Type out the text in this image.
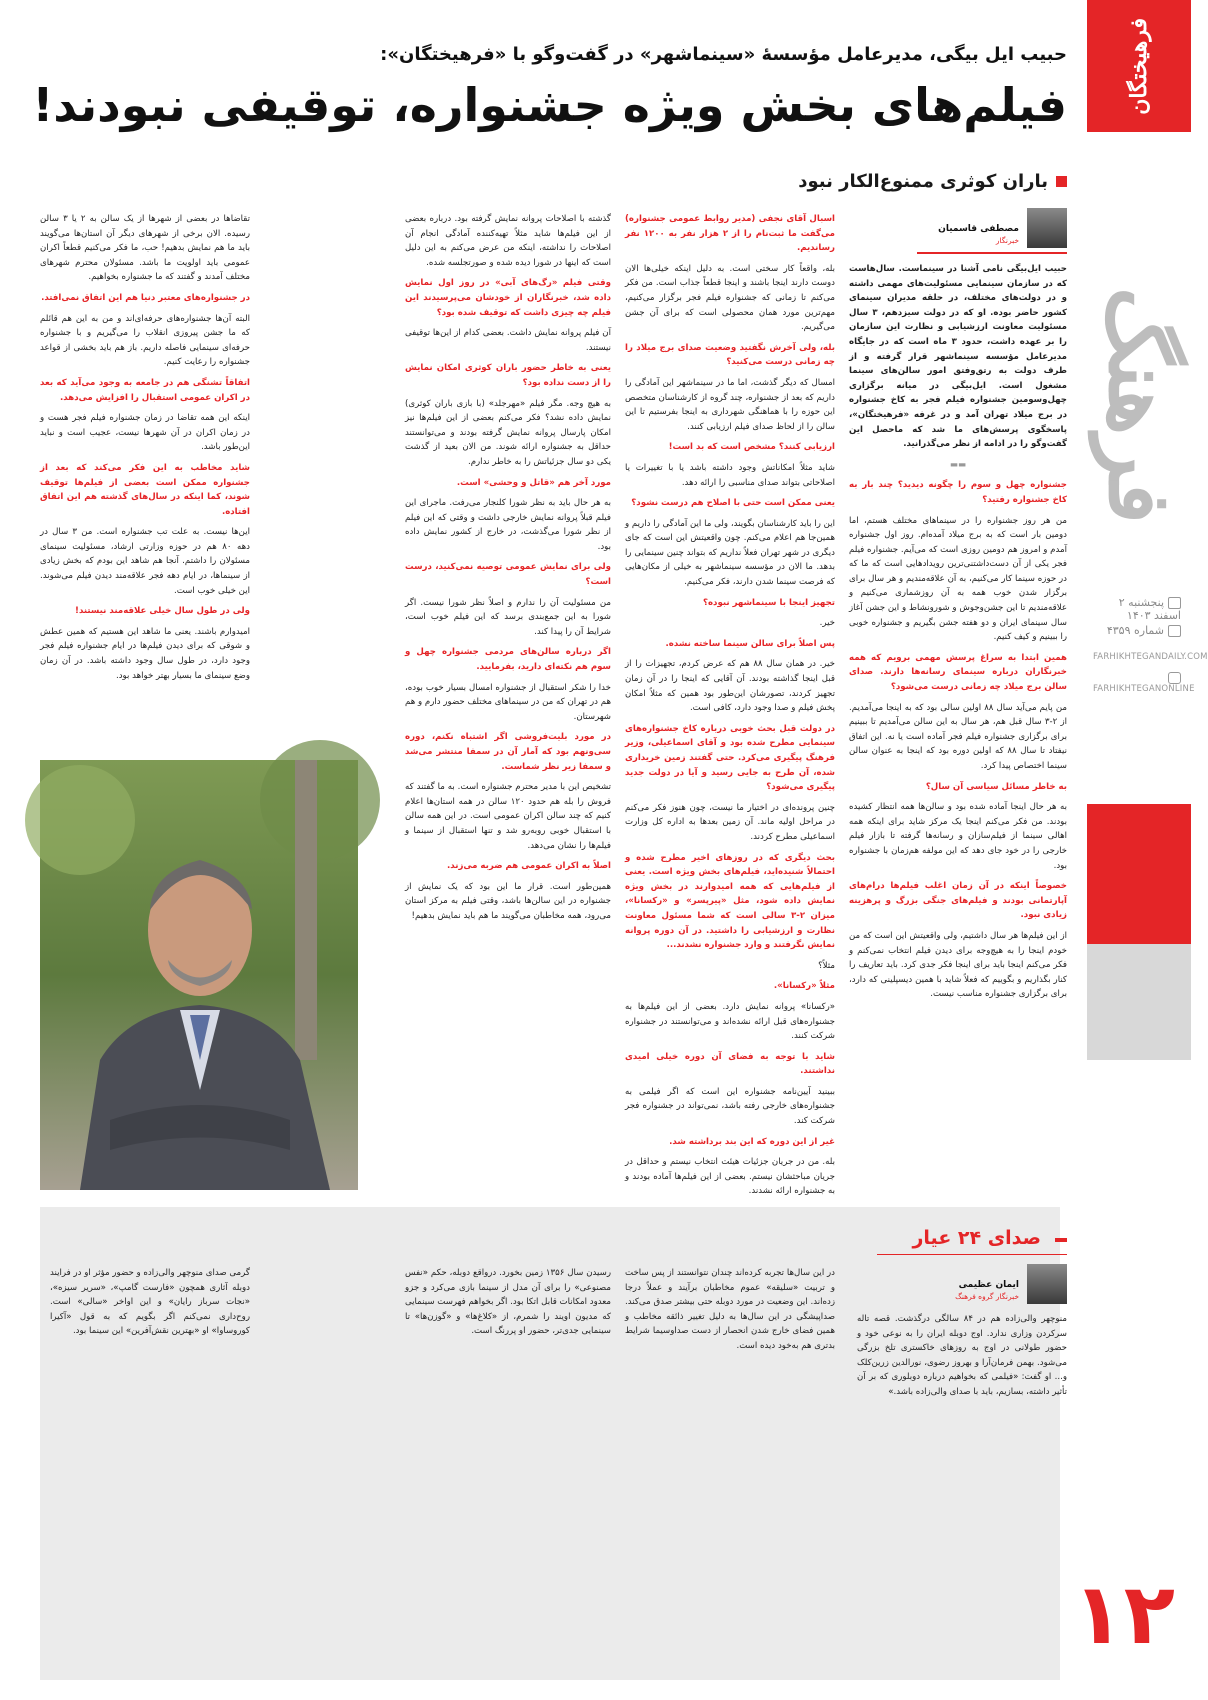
فرهیختگان
فرهنگ
پنجشنبه ۲ اسفند ۱۴۰۳
شماره ۴۳۵۹
FARHIKHTEGANDAILY.COM
FARHIKHTEGANONLINE
۱۲
حبیب ایل بیگی، مدیرعامل مؤسسهٔ «سینماشهر» در گفت‌وگو با «فرهیختگان»:
فیلم‌های بخش ویژه جشنواره، توقیفی نبودند!
باران کوثری ممنوع‌الکار نبود
مصطفی قاسمیان
خبرنگار

حبیب ایل‌بیگی نامی آشنا در سینماست. سال‌هاست که در سازمان سینمایی مسئولیت‌های مهمی داشته و در دولت‌های مختلف، در حلقه مدیران سینمای کشور حاضر بوده. او که در دولت سیزدهم، ۳ سال مسئولیت معاونت ارزشیابی و نظارت این سازمان را بر عهده داشت، حدود ۳ ماه است که در جایگاه مدیرعامل مؤسسه سینماشهر قرار گرفته و از طرف دولت به رتق‌وفتق امور سالن‌های سینما مشغول است. ایل‌بیگی در میانه برگزاری چهل‌وسومین جشنواره فیلم فجر به کاخ جشنواره در برج میلاد تهران آمد و در غرفه «فرهیختگان»، پاسخگوی پرسش‌های ما شد که ماحصل این گفت‌وگو را در ادامه از نظر می‌گذرانید.

▬▬

جشنواره چهل و سوم را چگونه دیدید؟ چند بار به کاخ جشنواره رفتید؟

من هر روز جشنواره را در سینماهای مختلف هستم، اما دومین بار است که به برج میلاد آمده‌ام. روز اول جشنواره آمدم و امروز هم دومین روزی است که می‌آیم. جشنواره فیلم فجر یکی از آن دست‌داشتنی‌ترین رویدادهایی است که ما که در حوزه سینما کار می‌کنیم، به آن علاقه‌مندیم و هر سال برای برگزار شدن خوب همه به آن روزشماری می‌کنیم و علاقه‌مندیم تا این جشن‌وجوش و شورونشاط و این جشن آغاز سال سینمای ایران و دو هفته جشن بگیریم و جشنواره خوبی را ببینیم و کیف کنیم.

همین ابتدا به سراغ پرسش مهمی برویم که همه خبرنگاران درباره سینمای رسانه‌ها دارند. صدای سالن برج میلاد چه زمانی درست می‌شود؟

من پایم می‌آید سال ۸۸ اولین سالی بود که به اینجا می‌آمدیم. از ۲-۳ سال قبل هم، هر سال به این سالن می‌آمدیم تا ببینیم برای برگزاری جشنواره فیلم فجر آماده است یا نه. این اتفاق نیفتاد تا سال ۸۸ که اولین دوره بود که اینجا به عنوان سالن سینما اختصاص پیدا کرد.

به خاطر مسائل سیاسی آن سال؟

به هر حال اینجا آماده شده بود و سالن‌ها همه انتظار کشیده بودند. من فکر می‌کنم اینجا یک مرکز شاید برای اینکه همه اهالی سینما از فیلم‌سازان و رسانه‌ها گرفته تا بازار فیلم خارجی را در خود جای دهد که این مولفه هم‌زمان با جشنواره بود.

خصوصاً اینکه در آن زمان اغلب فیلم‌ها درام‌های آپارتمانی بودند و فیلم‌های جنگی بزرگ و پرهزینه زیادی نبود.

از این فیلم‌ها هر سال داشتیم، ولی واقعیتش این است که من خودم اینجا را به هیچ‌وجه برای دیدن فیلم انتخاب نمی‌کنم و فکر می‌کنم اینجا باید برای اینجا فکر جدی کرد. باید تعاریف را کنار بگذاریم و بگوییم که فعلاً شاید با همین دیسپلینی که دارد، برای برگزاری جشنواره مناسب نیست.

اسبال آقای نجفی (مدیر روابط عمومی جشنواره) می‌گفت ما ثبت‌نام را از ۲ هزار نفر به ۱۲۰۰ نفر رساندیم.

بله، واقعاً کار سختی است. به دلیل اینکه خیلی‌ها الان دوست دارند اینجا باشند و اینجا قطعاً جذاب است. من فکر می‌کنم تا زمانی که جشنواره فیلم فجر برگزار می‌کنیم، مهم‌ترین مورد همان محصولی است که برای آن جشن می‌گیریم.

بله، ولی آخرش نگفتید وضعیت صدای برج میلاد را چه زمانی درست می‌کنید؟

امسال که دیگر گذشت، اما ما در سینماشهر این آمادگی را داریم که بعد از جشنواره، چند گروه از کارشناسان متخصص این حوزه را با هماهنگی شهرداری به اینجا بفرستیم تا این سالن را از لحاظ صدای فیلم ارزیابی کنند.

ارزیابی کنند؟ مشخص است که بد است!

شاید مثلاً امکاناتش وجود داشته باشد یا با تغییرات یا اصلاحاتی بتواند صدای مناسبی را ارائه دهد.

یعنی ممکن است حتی با اصلاح هم درست نشود؟

این را باید کارشناسان بگویند، ولی ما این آمادگی را داریم و همین‌جا هم اعلام می‌کنم. چون واقعیتش این است که جای دیگری در شهر تهران فعلاً نداریم که بتواند چنین سینمایی را بدهد. ما الان در مؤسسه سینماشهر به خیلی از مکان‌هایی که فرصت سینما شدن دارند، فکر می‌کنیم.

تجهیز اینجا با سینماشهر نبوده؟

خیر.

پس اصلاً برای سالن سینما ساخته نشده.

خیر. در همان سال ۸۸ هم که عرض کردم، تجهیزات را از قبل اینجا گذاشته بودند. آن آقایی که اینجا را در آن زمان تجهیز کردند، تصورشان این‌طور بود همین که مثلاً امکان پخش فیلم و صدا وجود دارد، کافی است.

در دولت قبل بحث خوبی درباره کاخ جشنواره‌های سینمایی مطرح شده بود و آقای اسماعیلی، وزیر فرهنگ پیگیری می‌کرد. حتی گفتند زمین خریداری شده، آن طرح به جایی رسید و آیا در دولت جدید پیگیری می‌شود؟

چنین پرونده‌ای در اختیار ما نیست، چون هنوز فکر می‌کنم در مراحل اولیه ماند. آن زمین بعدها به اداره کل وزارت اسماعیلی مطرح کردند.

بحث دیگری که در روزهای اخیر مطرح شده و احتمالاً شنیده‌اید، فیلم‌های بخش ویژه است. یعنی از فیلم‌هایی که همه امیدوارند در بخش ویژه نمایش داده شود، مثل «پیرپسر» و «رکسانا»، میزان ۲-۳ سالی است که شما مسئول معاونت نظارت و ارزشیابی را داشتید. در آن دوره پروانه نمایش نگرفتند و وارد جشنواره نشدند...

مثلاً؟

مثلاً «رکسانا».

«رکسانا» پروانه نمایش دارد. بعضی از این فیلم‌ها به جشنواره‌های قبل ارائه نشده‌اند و می‌توانستند در جشنواره شرکت کنند.

شاید با توجه به فضای آن دوره خیلی امیدی نداشتند.

ببینید آیین‌نامه جشنواره این است که اگر فیلمی به جشنواره‌های خارجی رفته باشد، نمی‌تواند در جشنواره فجر شرکت کند.

غیر از این دوره که این بند برداشته شد.

بله. من در جریان جزئیات هیئت انتخاب نیستم و حداقل در جریان مباحثشان نیستم. بعضی از این فیلم‌ها آماده بودند و به جشنواره ارائه نشدند.

گذشته با اصلاحات پروانه نمایش گرفته بود. درباره بعضی از این فیلم‌ها شاید مثلاً تهیه‌کننده آمادگی انجام آن اصلاحات را نداشته، اینکه من عرض می‌کنم به این دلیل است که اینها در شورا دیده شده و صورتجلسه شده.

وقتی فیلم «رگ‌های آبی» در روز اول نمایش داده شد، خبرنگاران از خودشان می‌پرسیدند این فیلم چه چیزی داشت که توقیف شده بود؟

آن فیلم پروانه نمایش داشت. بعضی کدام از این‌ها توقیفی نیستند.

یعنی به خاطر حضور باران کوثری امکان نمایش را از دست نداده بود؟

به هیچ وجه. مگر فیلم «مهرجلد» (با بازی باران کوثری) نمایش داده نشد؟ فکر می‌کنم بعضی از این فیلم‌ها نیز امکان پارسال پروانه نمایش گرفته بودند و می‌توانستند حداقل به جشنواره ارائه شوند. من الان بعید از گذشت یکی دو سال جزئیاتش را به خاطر ندارم.

مورد آخر هم «قاتل و وحشی» است.

به هر حال باید به نظر شورا کلنجار می‌رفت. ماجرای این فیلم قبلاً پروانه نمایش خارجی داشت و وقتی که این فیلم از نظر شورا می‌گذشت، در خارج از کشور نمایش داده بود.

ولی برای نمایش عمومی توصیه نمی‌کنید، درست است؟

من مسئولیت آن را ندارم و اصلاً نظر شورا نیست. اگر شورا به این جمع‌بندی برسد که این فیلم خوب است، شرایط آن را پیدا کند.

اگر درباره سالن‌های مردمی جشنواره چهل و سوم هم نکته‌ای دارید، بفرمایید.

خدا را شکر استقبال از جشنواره امسال بسیار خوب بوده، هم در تهران که من در سینماهای مختلف حضور دارم و هم شهرستان.

در مورد بلیت‌فروشی اگر اشتباه نکنم، دوره سی‌ونهم بود که آمار آن در سمفا منتشر می‌شد و سمفا زیر نظر شماست.

تشخیص این با مدیر محترم جشنواره است. به ما گفتند که فروش را بله هم حدود ۱۲۰ سالن در همه استان‌ها اعلام کنیم که چند سالن اکران عمومی است. در این همه سالن با استقبال خوبی روبه‌رو شد و تنها استقبال از سینما و فیلم‌ها را نشان می‌دهد.

اصلاً به اکران عمومی هم ضربه می‌زند.

همین‌طور است. قرار ما این بود که یک نمایش از جشنواره در این سالن‌ها باشد، وقتی فیلم به مرکز استان می‌رود، همه مخاطبان می‌گویند ما هم باید نمایش بدهیم!

تقاضاها در بعضی از شهرها از یک سالن به ۲ یا ۳ سالن رسیده. الان برخی از شهرهای دیگر آن استان‌ها می‌گویند باید ما هم نمایش بدهیم! حب، ما فکر می‌کنیم قطعاً اکران عمومی باید اولویت ما باشد. مسئولان محترم شهرهای مختلف آمدند و گفتند که ما جشنواره بخواهیم.

در جشنواره‌های معتبر دنیا هم این اتفاق نمی‌افتد.

البته آن‌ها جشنواره‌های حرفه‌ای‌اند و من به این هم قائلم که ما جشن پیروزی انقلاب را می‌گیریم و با جشنواره حرفه‌ای سینمایی فاصله داریم. باز هم باید بخشی از قواعد جشنواره را رعایت کنیم.

اتفاقاً تشنگی هم در جامعه به وجود می‌آید که بعد در اکران عمومی استقبال را افزایش می‌دهد.

اینکه این همه تقاضا در زمان جشنواره فیلم فجر هست و در زمان اکران در آن شهرها نیست، عجیب است و نباید این‌طور باشد.

شاید مخاطب به این فکر می‌کند که بعد از جشنواره ممکن است بعضی از فیلم‌ها توقیف شوند، کما اینکه در سال‌های گذشته هم این اتفاق افتاده.

این‌ها نیست. به علت تب جشنواره است. من ۳ سال در دهه ۸۰ هم در حوزه وزارتی ارشاد، مسئولیت سینمای مسئولان را داشتم. آنجا هم شاهد این بودم که بخش زیادی از سینماها، در ایام دهه فجر علاقه‌مند دیدن فیلم می‌شوند. این خیلی خوب است.

ولی در طول سال خیلی علاقه‌مند نیستند!

امیدوارم باشند. یعنی ما شاهد این هستیم که همین عطش و شوقی که برای دیدن فیلم‌ها در ایام جشنواره فیلم فجر وجود دارد، در طول سال وجود داشته باشد. در آن زمان وضع سینمای ما بسیار بهتر خواهد بود.

صدای ۲۴ عیار
ایمان عظیمی
خبرنگار گروه فرهنگ
منوچهر والی‌زاده هم در ۸۴ سالگی درگذشت. قصه تاله سرکردن وزاری ندارد. اوج دوبله ایران را به نوعی خود و حضور طولانی در اوج به روزهای خاکستری تلخ بزرگی می‌شود. بهمن فرمان‌آرا و بهروز رضوی، نورالدین زرین‌کلک و... او گفت: «فیلمی که بخواهیم درباره دوبلوری که بر آن تأثیر داشته، بسازیم، باید با صدای والی‌زاده باشد.»
در این سال‌ها تجربه کرده‌اند چندان نتوانستند از پس ساخت و تربیت «سلیقه» عموم مخاطبان برآیند و عملاً درجا زده‌اند. این وضعیت در مورد دوبله حتی بیشتر صدق می‌کند. صداپیشگی در این سال‌ها به دلیل تغییر ذائقه مخاطب و همین فضای خارج شدن انحصار از دست صداوسیما شرایط بدتری هم به‌خود دیده است.
رسیدن سال ۱۳۵۶ زمین بخورد. درواقع دوبله، حکم «نفس مصنوعی» را برای آن مدل از سینما بازی می‌کرد و جزو معدود امکانات قابل اتکا بود. اگر بخواهم فهرست سینمایی که مدیون اویند را شمرم، از «کلاغ‌ها» و «گوزن‌ها» تا سینمایی جدی‌تر، حضور او پررنگ است.
گرمی صدای منوچهر والی‌زاده و حضور مؤثر او در فرایند دوبله آثاری همچون «فارست گامپ»، «سریر سیزه»، «نجات سرباز رایان» و این اواخر «سالی» است. روح‌داری نمی‌کنم اگر بگویم که به قول «آکیرا کوروساوا» او «بهترین نقش‌آفرین» این سینما بود.
